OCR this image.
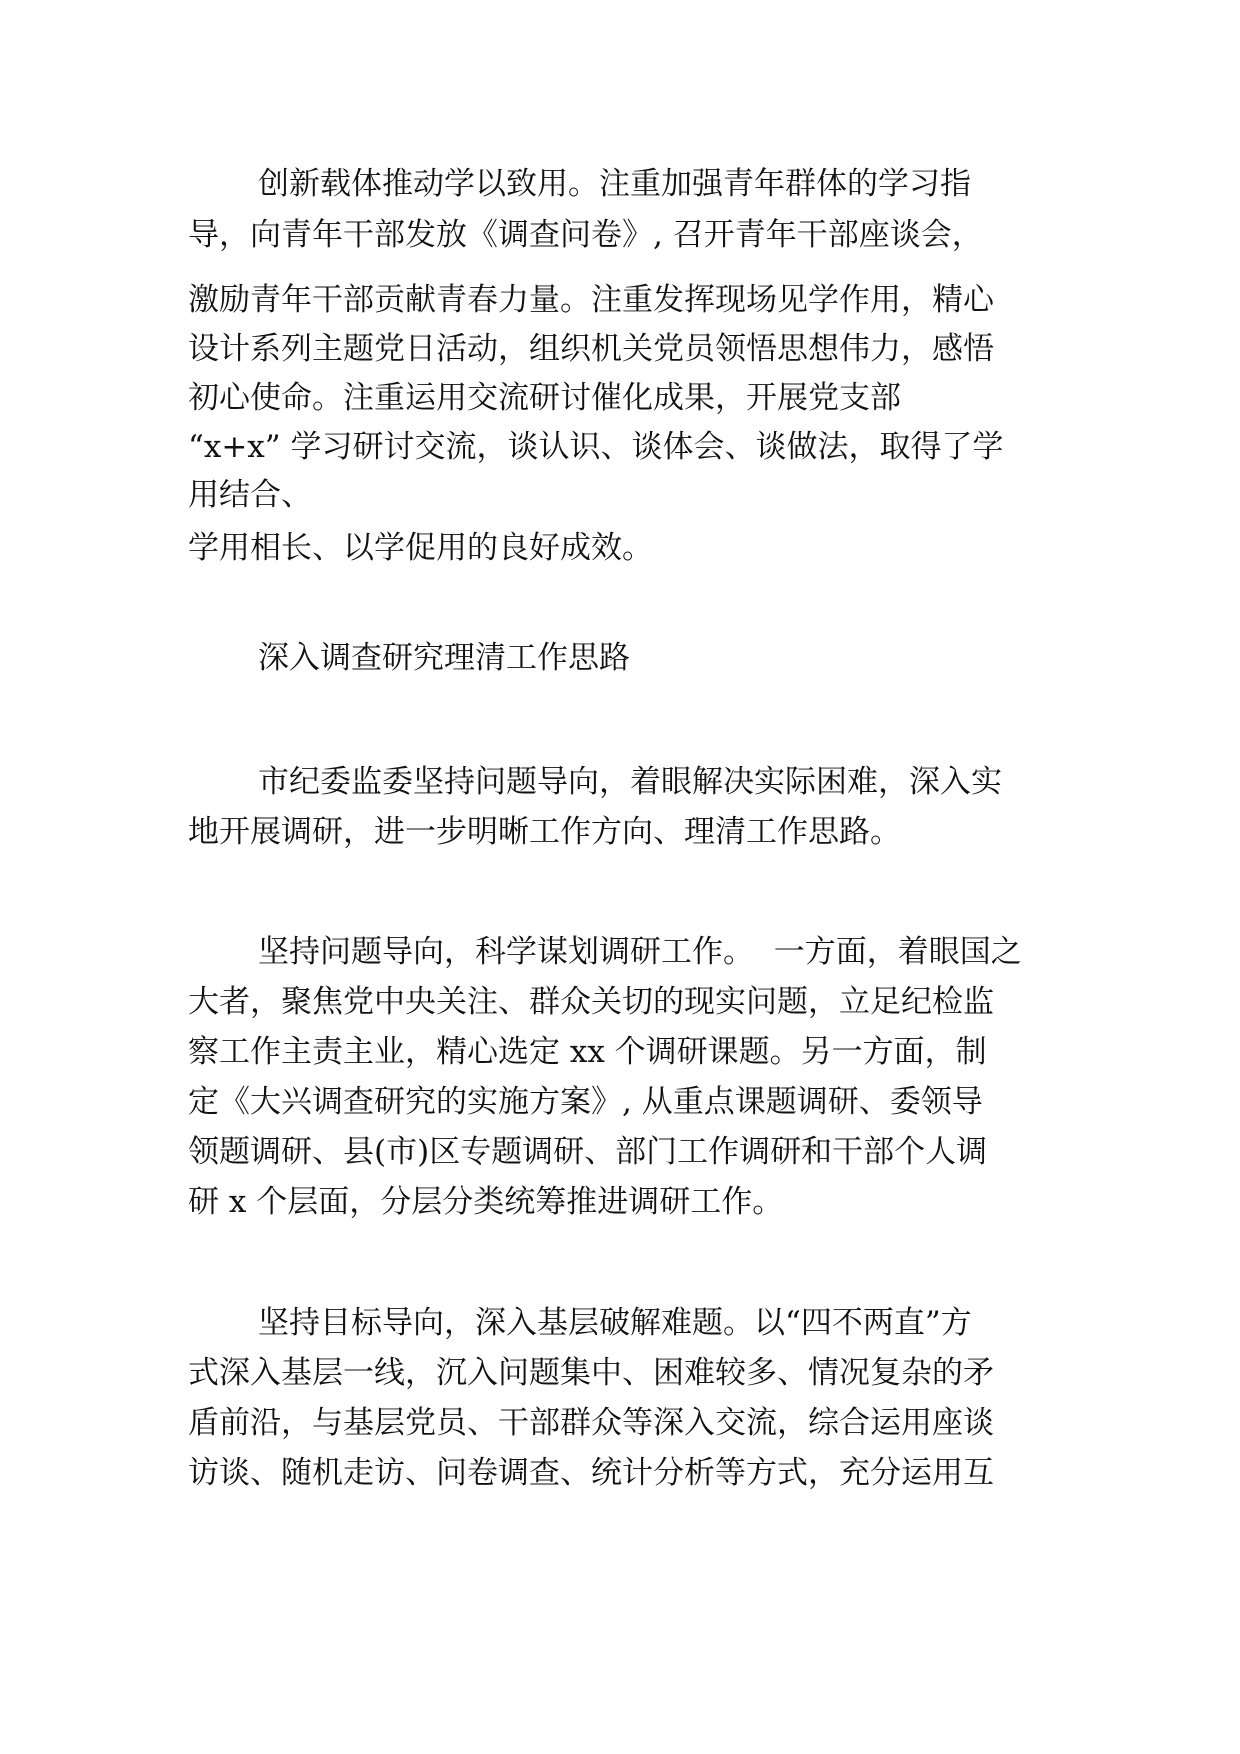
创新载体推动学以致用。注重加强青年群体的学习指

导，向青年干部发放《调查问卷》, 召开青年干部座谈会，

激励青年干部贡献青春力量。注重发挥现场见学作用，精心

设计系列主题党日活动，组织机关党员领悟思想伟力，感悟

初心使命。注重运用交流研讨催化成果，开展党支部

“x+x” 学习研讨交流，谈认识、谈体会、谈做法，取得了学

用结合、

学用相长、以学促用的良好成效。

深入调查研究理清工作思路

市纪委监委坚持问题导向，着眼解决实际困难，深入实

地开展调研，进一步明晰工作方向、理清工作思路。

坚持问题导向，科学谋划调研工作。  一方面，着眼国之

大者，聚焦党中央关注、群众关切的现实问题，立足纪检监

察工作主责主业，精心选定 xx 个调研课题。另一方面，制

定《大兴调查研究的实施方案》, 从重点课题调研、委领导

领题调研、县(市)区专题调研、部门工作调研和干部个人调

研 x 个层面，分层分类统筹推进调研工作。

坚持目标导向，深入基层破解难题。以“四不两直”方

式深入基层一线，沉入问题集中、困难较多、情况复杂的矛

盾前沿，与基层党员、干部群众等深入交流，综合运用座谈

访谈、随机走访、问卷调查、统计分析等方式，充分运用互
